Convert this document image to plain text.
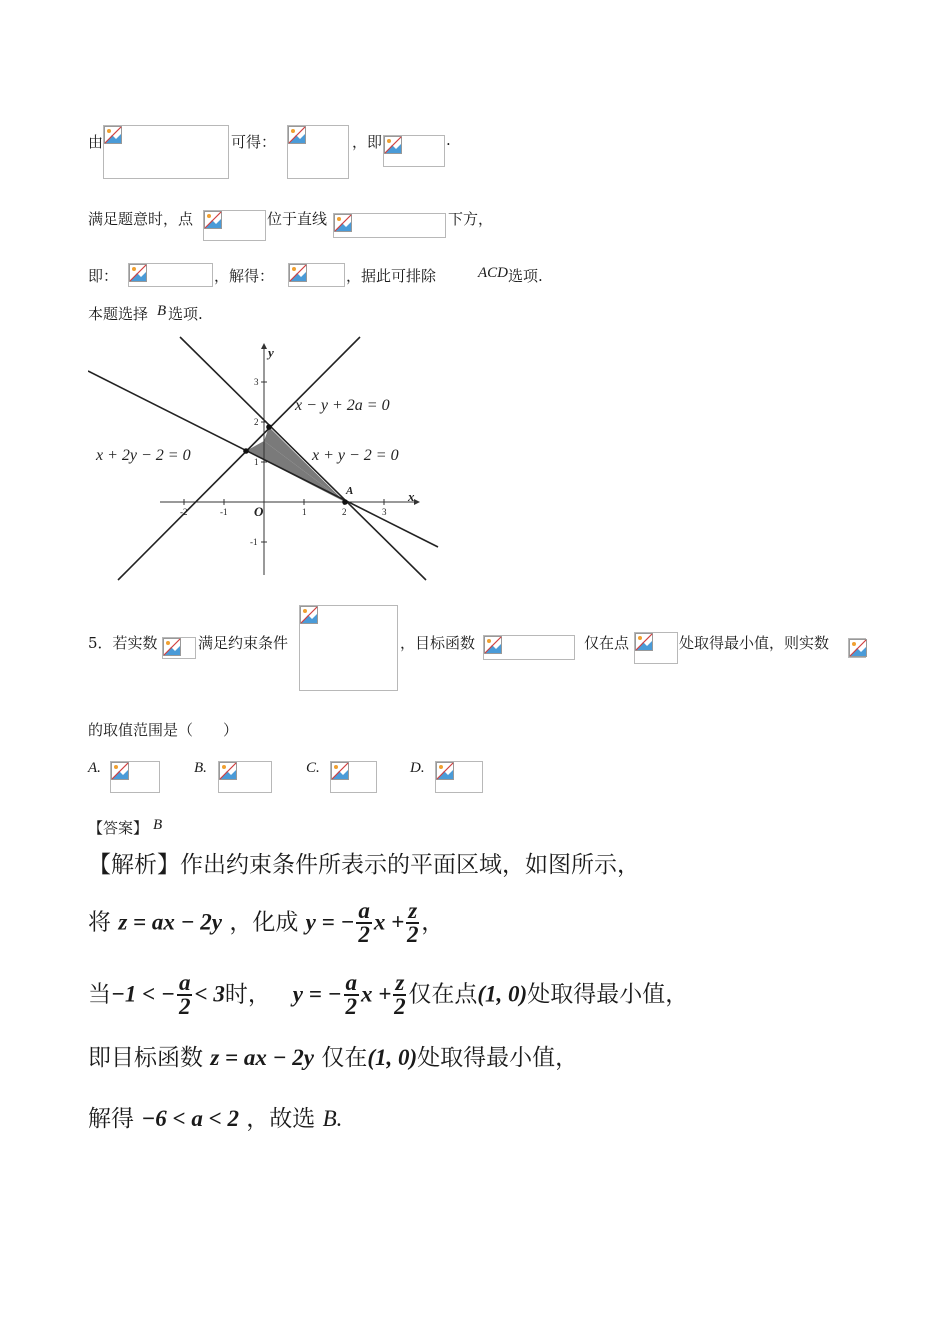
由	可得：	，即	.
满足题意时，点	位于直线	下方，
即：	，解得：	，据此可排除	ACD 选项.
本题选择 B 选项.
-2	-1	1	2	3
3
2
1
-1
O
y
x
A
x − y + 2a = 0
x + 2y − 2 = 0	x + y − 2 = 0
5．若实数	满足约束条件	，目标函数	仅在点	处取得最小值，则实数
的取值范围是（　　）
A.	B.	C.	D.
【答案】 B
【解析】作出约束条件所表示的平面区域，如图所示，
将 z = ax − 2y ，化成 y = − $\frac{a}{2}$ $x + \frac{z}{2}$ ，
当−1 < − $\frac{a}{2} < 3$时， y = − $\frac{a}{2}$ $x + \frac{z}{2}$ 仅在点(1, 0)处取得最小值，
即目标函数 z = ax − 2y 仅在(1, 0)处取得最小值，
解得 −6 < a < 2 ，故选 B.
